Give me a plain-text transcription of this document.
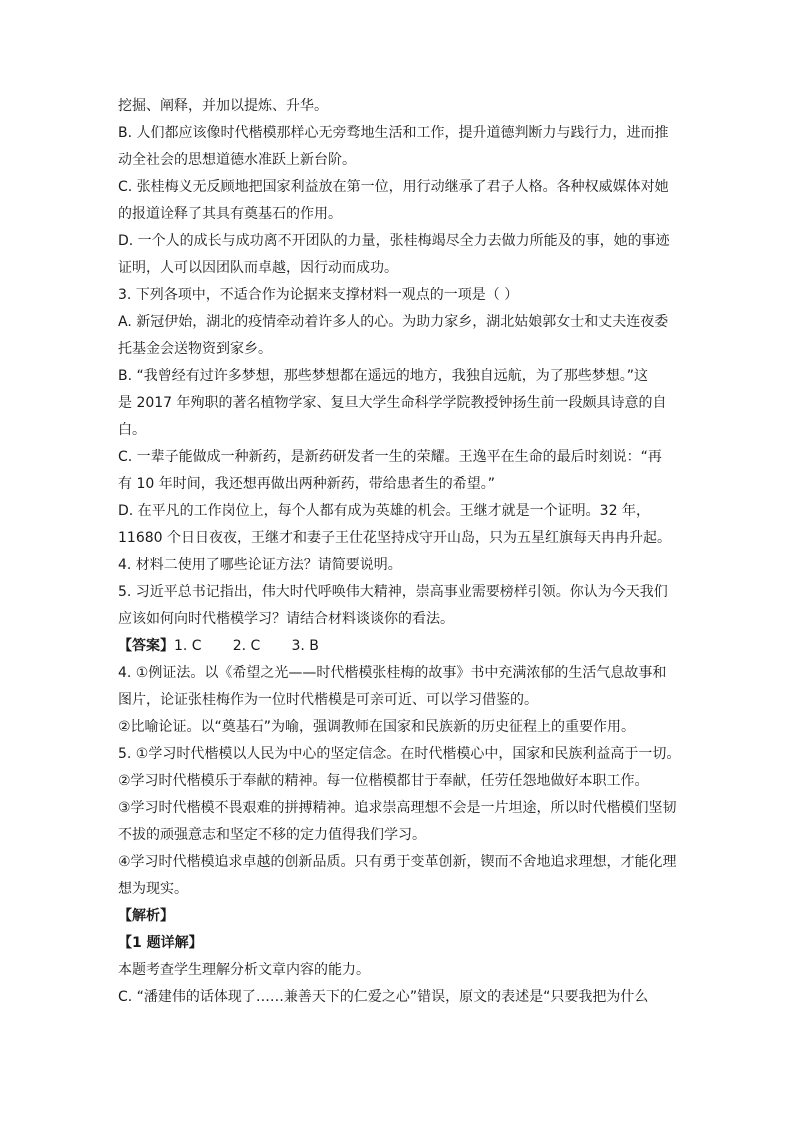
挖掘、阐释，并加以提炼、升华。
B. 人们都应该像时代楷模那样心无旁骛地生活和工作，提升道德判断力与践行力，进而推
动全社会的思想道德水准跃上新台阶。
C. 张桂梅义无反顾地把国家利益放在第一位，用行动继承了君子人格。各种权威媒体对她
的报道诠释了其具有奠基石的作用。
D. 一个人的成长与成功离不开团队的力量，张桂梅竭尽全力去做力所能及的事，她的事迹
证明，人可以因团队而卓越，因行动而成功。
3. 下列各项中，不适合作为论据来支撑材料一观点的一项是（ ）
A. 新冠伊始，湖北的疫情牵动着许多人的心。为助力家乡，湖北姑娘郭女士和丈夫连夜委
托基金会送物资到家乡。
B. “我曾经有过许多梦想，那些梦想都在遥远的地方，我独自远航，为了那些梦想。”这
是 2017 年殉职的著名植物学家、复旦大学生命科学学院教授钟扬生前一段颇具诗意的自
白。
C. 一辈子能做成一种新药，是新药研发者一生的荣耀。王逸平在生命的最后时刻说：“再
有 10 年时间，我还想再做出两种新药，带给患者生的希望。”
D. 在平凡的工作岗位上，每个人都有成为英雄的机会。王继才就是一个证明。32 年，
11680 个日日夜夜，王继才和妻子王仕花坚持戍守开山岛，只为五星红旗每天冉冉升起。
4. 材料二使用了哪些论证方法？请简要说明。
5. 习近平总书记指出，伟大时代呼唤伟大精神，崇高事业需要榜样引领。你认为今天我们
应该如何向时代楷模学习？请结合材料谈谈你的看法。
【答案】1. C       2. C       3. B
4. ①例证法。以《希望之光——时代楷模张桂梅的故事》书中充满浓郁的生活气息故事和
图片，论证张桂梅作为一位时代楷模是可亲可近、可以学习借鉴的。
②比喻论证。以“奠基石”为喻，强调教师在国家和民族新的历史征程上的重要作用。
5. ①学习时代楷模以人民为中心的坚定信念。在时代楷模心中，国家和民族利益高于一切。
②学习时代楷模乐于奉献的精神。每一位楷模都甘于奉献，任劳任怨地做好本职工作。
③学习时代楷模不畏艰难的拼搏精神。追求崇高理想不会是一片坦途，所以时代楷模们坚韧
不拔的顽强意志和坚定不移的定力值得我们学习。
④学习时代楷模追求卓越的创新品质。只有勇于变革创新，锲而不舍地追求理想，才能化理
想为现实。
【解析】
【1 题详解】
本题考查学生理解分析文章内容的能力。
C. “潘建伟的话体现了……兼善天下的仁爱之心”错误，原文的表述是“只要我把为什么
